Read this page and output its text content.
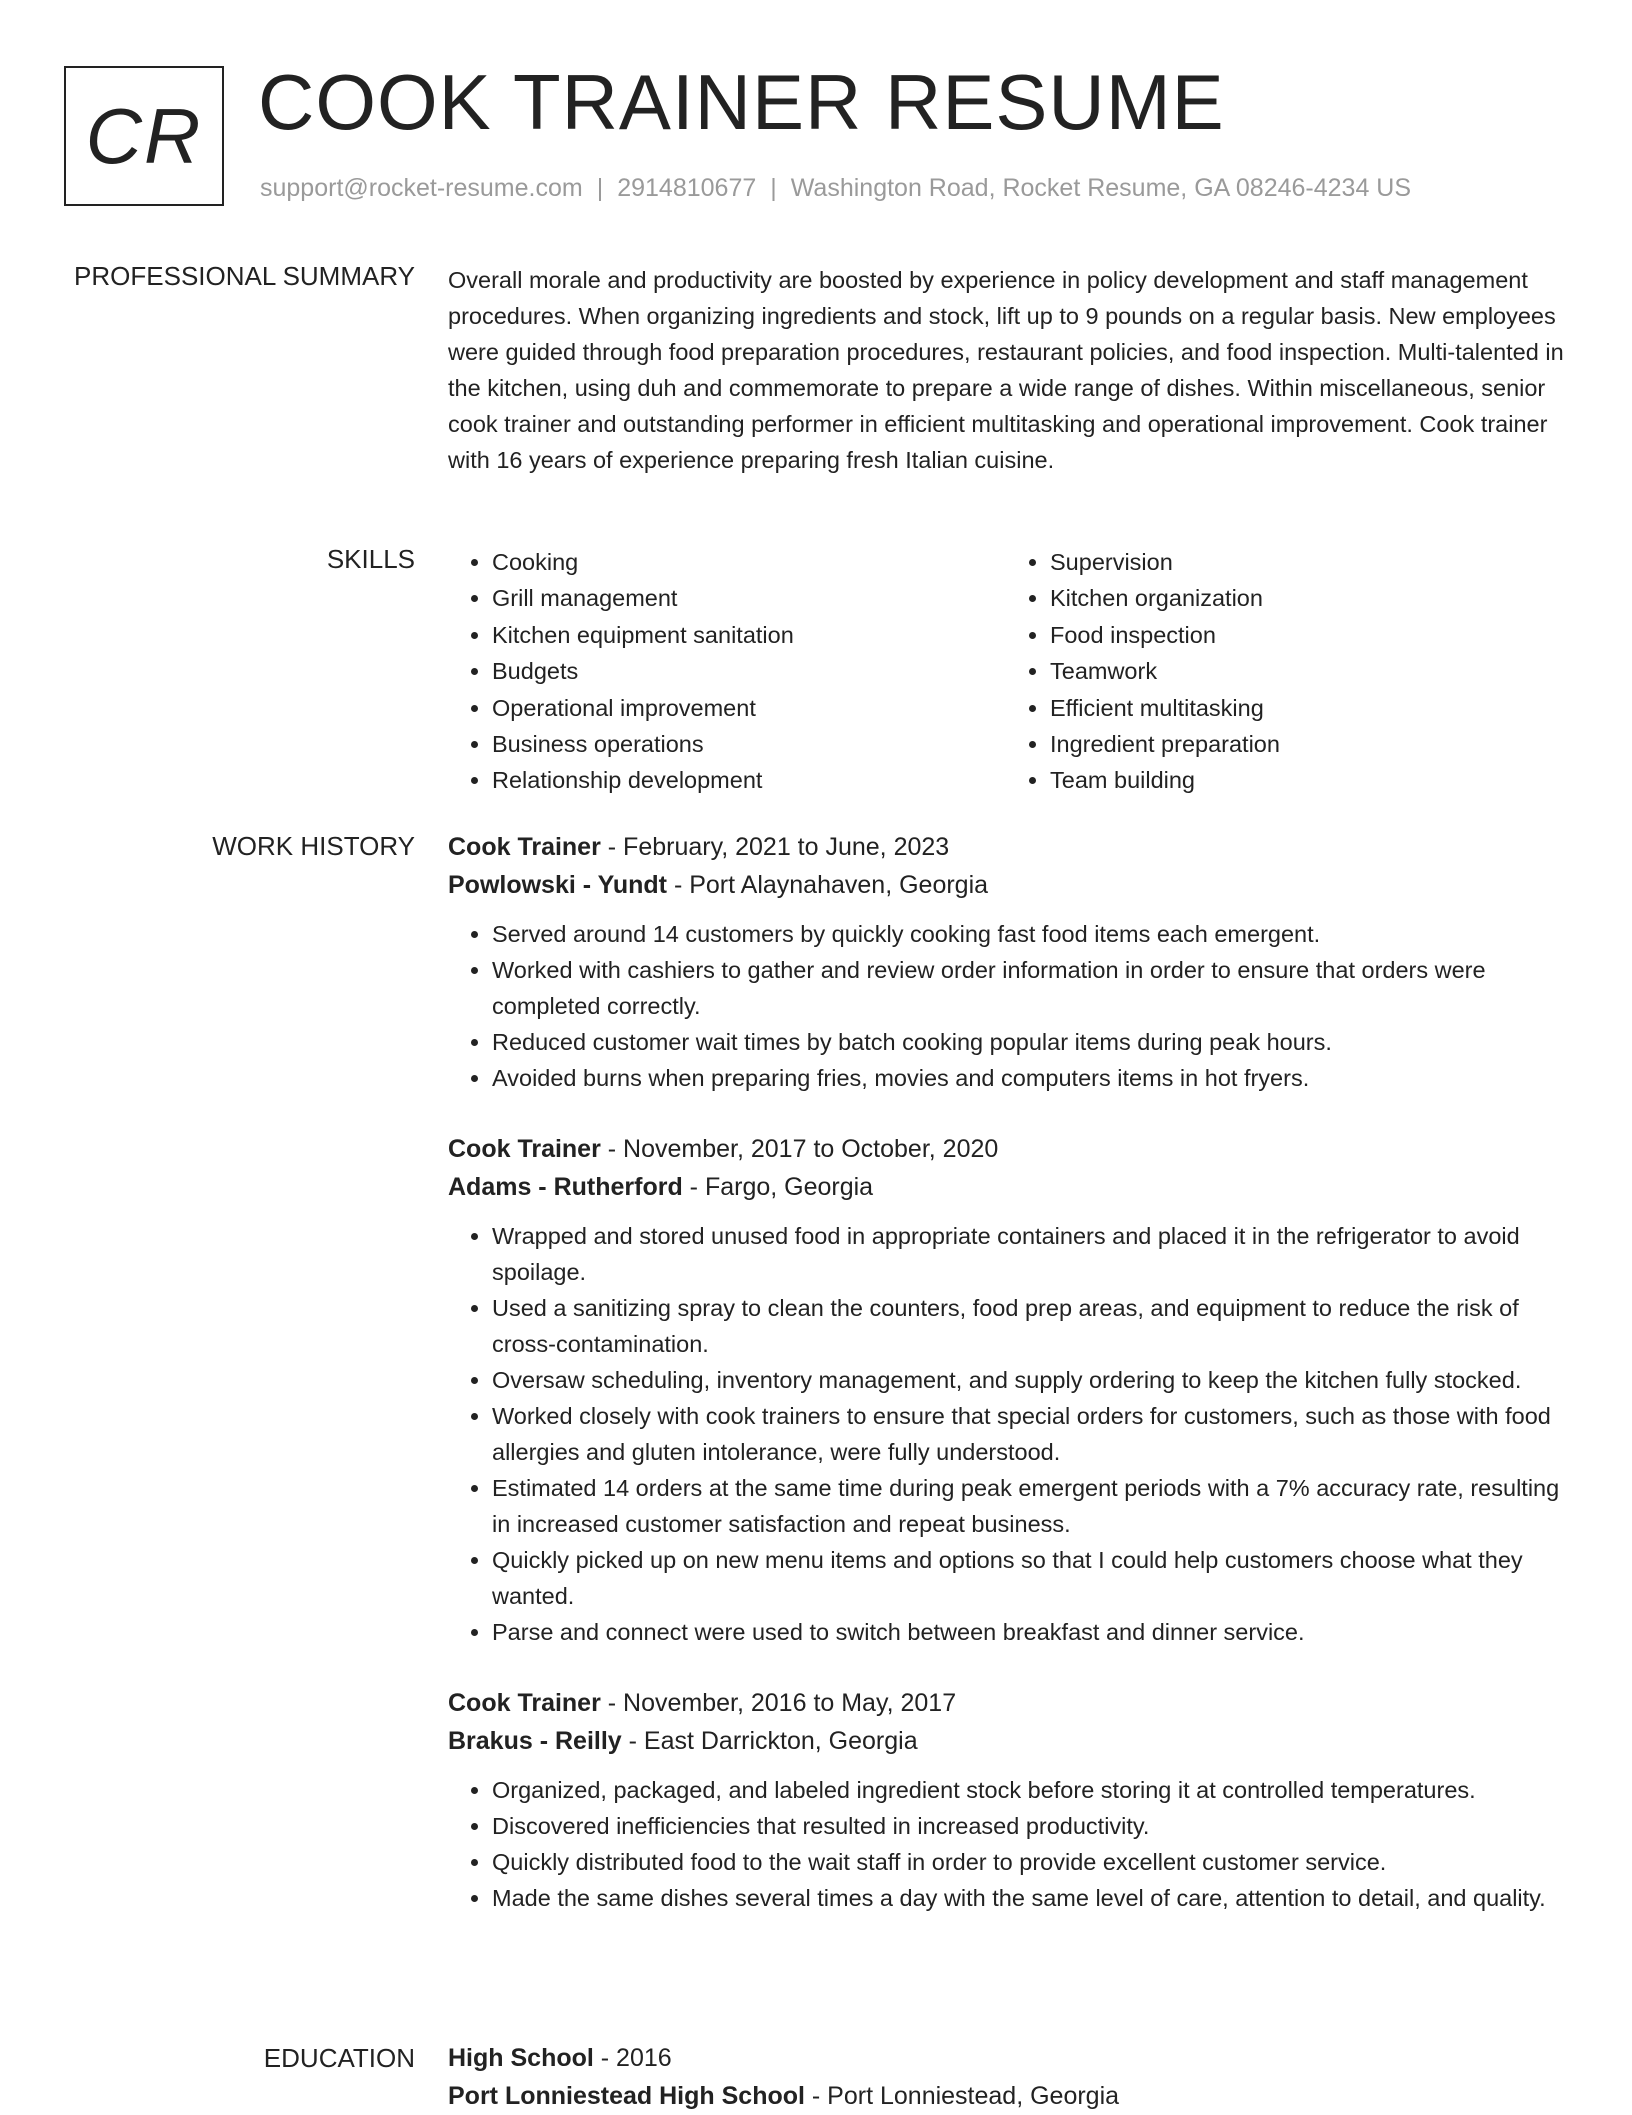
CR COOK TRAINER RESUME
support@rocket-resume.com | 2914810677 | Washington Road, Rocket Resume, GA 08246-4234 US
PROFESSIONAL SUMMARY Overall morale and productivity are boosted by experience in policy development and staff management procedures. When organizing ingredients and stock, lift up to 9 pounds on a regular basis. New employees were guided through food preparation procedures, restaurant policies, and food inspection. Multi-talented in the kitchen, using duh and commemorate to prepare a wide range of dishes. Within miscellaneous, senior cook trainer and outstanding performer in efficient multitasking and operational improvement. Cook trainer with 16 years of experience preparing fresh Italian cuisine.

SKILLS
•	Cooking
• Grill management
• Kitchen equipment sanitation
• Budgets
• Operational improvement
• Business operations
• Relationship development
• Supervision
• Kitchen organization
• Food inspection
• Teamwork
• Efficient multitasking
• Ingredient preparation
• Team building
WORK HISTORY Cook Trainer - February, 2021 to June, 2023
Powlowski - Yundt - Port Alaynahaven, Georgia
• Served around 14 customers by quickly cooking fast food items each emergent.
• Worked with cashiers to gather and review order information in order to ensure that orders were completed correctly.
• Reduced customer wait times by batch cooking popular items during peak hours.
• Avoided burns when preparing fries, movies and computers items in hot fryers.
Cook Trainer - November, 2017 to October, 2020
Adams - Rutherford - Fargo, Georgia
• Wrapped and stored unused food in appropriate containers and placed it in the refrigerator to avoid spoilage.
• Used a sanitizing spray to clean the counters, food prep areas, and equipment to reduce the risk of cross-contamination.
• Oversaw scheduling, inventory management, and supply ordering to keep the kitchen fully stocked.
• Worked closely with cook trainers to ensure that special orders for customers, such as those with food allergies and gluten intolerance, were fully understood.
• Estimated 14 orders at the same time during peak emergent periods with a 7% accuracy rate, resulting in increased customer satisfaction and repeat business.
• Quickly picked up on new menu items and options so that I could help customers choose what they wanted.
• Parse and connect were used to switch between breakfast and dinner service.
Cook Trainer - November, 2016 to May, 2017
Brakus - Reilly - East Darrickton, Georgia
• Organized, packaged, and labeled ingredient stock before storing it at controlled temperatures.
• Discovered inefficiencies that resulted in increased productivity.
• Quickly distributed food to the wait staff in order to provide excellent customer service.
• Made the same dishes several times a day with the same level of care, attention to detail, and quality.
EDUCATION High School - 2016
Port Lonniestead High School - Port Lonniestead, Georgia
